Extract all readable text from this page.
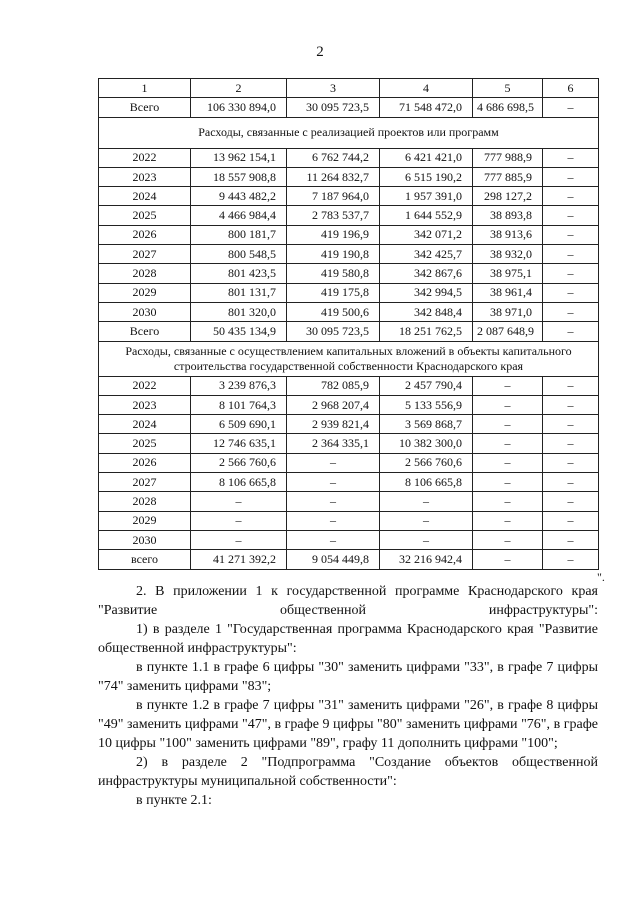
2
1	2	3	4	5	6
Всего	106 330 894,0	30 095 723,5	71 548 472,0	4 686 698,5	–
Расходы, связанные с реализацией проектов или программ					
2022	13 962 154,1	6 762 744,2	6 421 421,0	777 988,9	–
2023	18 557 908,8	11 264 832,7	6 515 190,2	777 885,9	–
2024	9 443 482,2	7 187 964,0	1 957 391,0	298 127,2	–
2025	4 466 984,4	2 783 537,7	1 644 552,9	38 893,8	–
2026	800 181,7	419 196,9	342 071,2	38 913,6	–
2027	800 548,5	419 190,8	342 425,7	38 932,0	–
2028	801 423,5	419 580,8	342 867,6	38 975,1	–
2029	801 131,7	419 175,8	342 994,5	38 961,4	–
2030	801 320,0	419 500,6	342 848,4	38 971,0	–
Всего	50 435 134,9	30 095 723,5	18 251 762,5	2 087 648,9	–
Расходы, связанные с осуществлением капитальных вложений в объекты капитального строительства государственной собственности Краснодарского края					
2022	3 239 876,3	782 085,9	2 457 790,4	–	–
2023	8 101 764,3	2 968 207,4	5 133 556,9	–	–
2024	6 509 690,1	2 939 821,4	3 569 868,7	–	–
2025	12 746 635,1	2 364 335,1	10 382 300,0	–	–
2026	2 566 760,6	–	2 566 760,6	–	–
2027	8 106 665,8	–	8 106 665,8	–	–
2028	–	–	–	–	–
2029	–	–	–	–	–
2030	–	–	–	–	–
всего	41 271 392,2	9 054 449,8	32 216 942,4	–	–
".

2. В приложении 1 к государственной программе Краснодарского края "Развитие общественной инфраструктуры":

1) в разделе 1 "Государственная программа Краснодарского края "Развитие общественной инфраструктуры":

в пункте 1.1 в графе 6 цифры "30" заменить цифрами "33", в графе 7 цифры "74" заменить цифрами "83";

в пункте 1.2 в графе 7 цифры "31" заменить цифрами "26", в графе 8 цифры "49" заменить цифрами "47", в графе 9 цифры "80" заменить цифрами "76", в графе 10 цифры "100" заменить цифрами "89", графу 11 дополнить цифрами "100";

2) в разделе 2 "Подпрограмма "Создание объектов общественной инфраструктуры муниципальной собственности":

в пункте 2.1:
